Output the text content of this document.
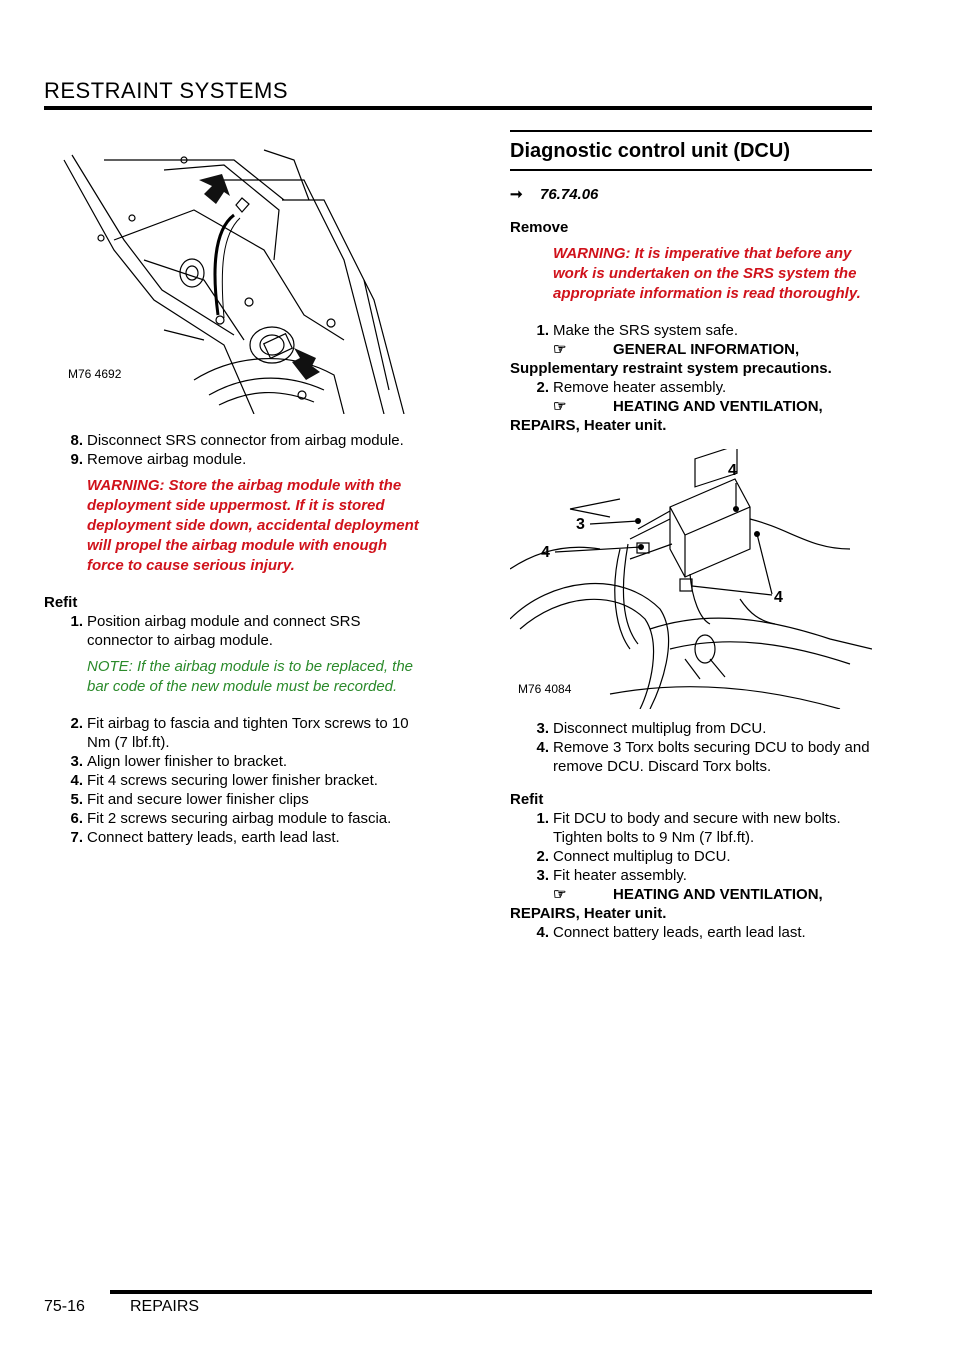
RESTRAINT SYSTEMS
M76 4692

8. Disconnect SRS connector from airbag module.

9. Remove airbag module.

WARNING: Store the airbag module with the deployment side uppermost. If it is stored deployment side down, accidental deployment will propel the airbag module with enough force to cause serious injury.

Refit

1. Position airbag module and connect SRS connector to airbag module.

NOTE: If the airbag module is to be replaced, the bar code of the new module must be recorded.

2. Fit airbag to fascia and tighten Torx screws to 10 Nm (7 lbf.ft).

3. Align lower finisher to bracket.

4. Fit 4 screws securing lower finisher bracket.

5. Fit and secure lower finisher clips

6. Fit 2 screws securing airbag module to fascia.

7. Connect battery leads, earth lead last.

Diagnostic control unit (DCU)

➞ 76.74.06

Remove

WARNING: It is imperative that before any work is undertaken on the SRS system the appropriate information is read thoroughly.

1. Make the SRS system safe.

☞	GENERAL INFORMATION,
Supplementary restraint system precautions.

2. Remove heater assembly.

☞	HEATING AND VENTILATION,
REPAIRS, Heater unit.

4
3
4
4
M76 4084

3. Disconnect multiplug from DCU.

4. Remove 3 Torx bolts securing DCU to body and remove DCU. Discard Torx bolts.

Refit

1. Fit DCU to body and secure with new bolts. Tighten bolts to 9 Nm (7 lbf.ft).

2. Connect multiplug to DCU.

3. Fit heater assembly.

☞	HEATING AND VENTILATION,
REPAIRS, Heater unit.

4. Connect battery leads, earth lead last.

75-16	REPAIRS
